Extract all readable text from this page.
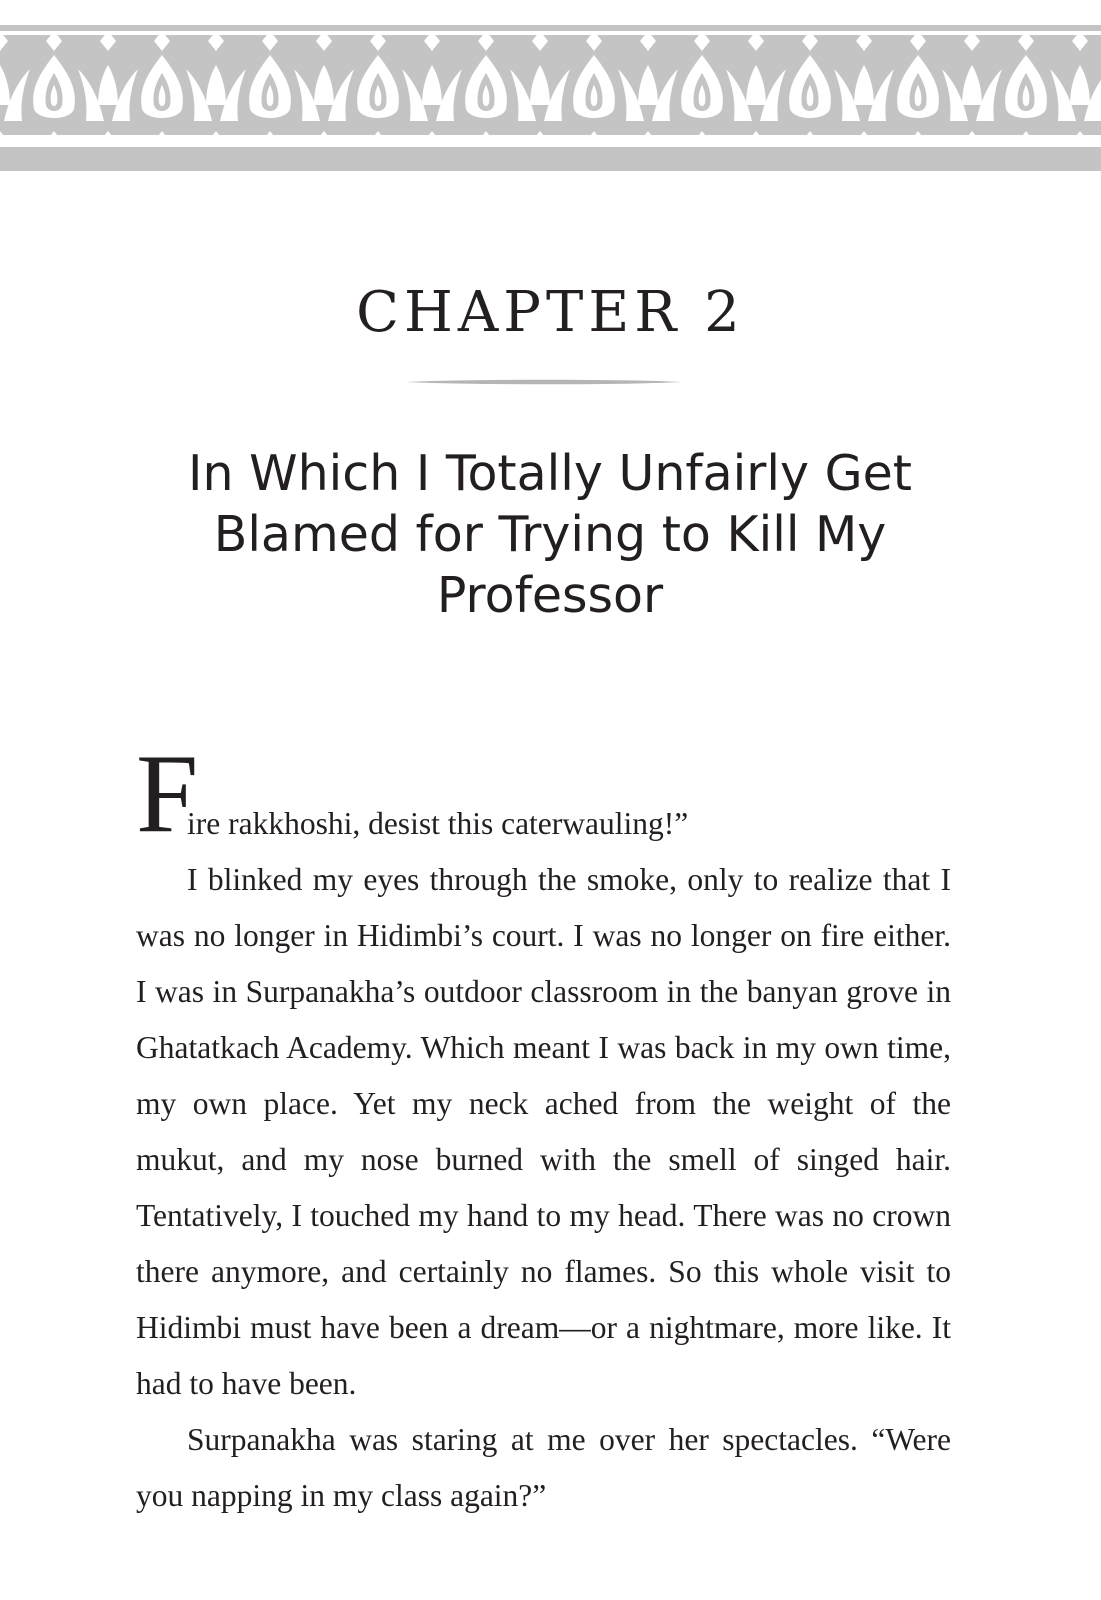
CHAPTER 2
In Which I Totally Unfairly Get Blamed for Trying to Kill My Professor

F
ire rakkhoshi, desist this caterwauling!”

I blinked my eyes through the smoke, only to realize that I was no longer in Hidimbi’s court. I was no longer on fire either. I was in Surpanakha’s outdoor classroom in the banyan grove in Ghatatkach Academy. Which meant I was back in my own time, my own place. Yet my neck ached from the weight of the mukut, and my nose burned with the smell of singed hair. Tentatively, I touched my hand to my head. There was no crown there anymore, and certainly no flames. So this whole visit to Hidimbi must have been a dream—or a nightmare, more like. It had to have been.

Surpanakha was staring at me over her spectacles. “Were you napping in my class again?”
